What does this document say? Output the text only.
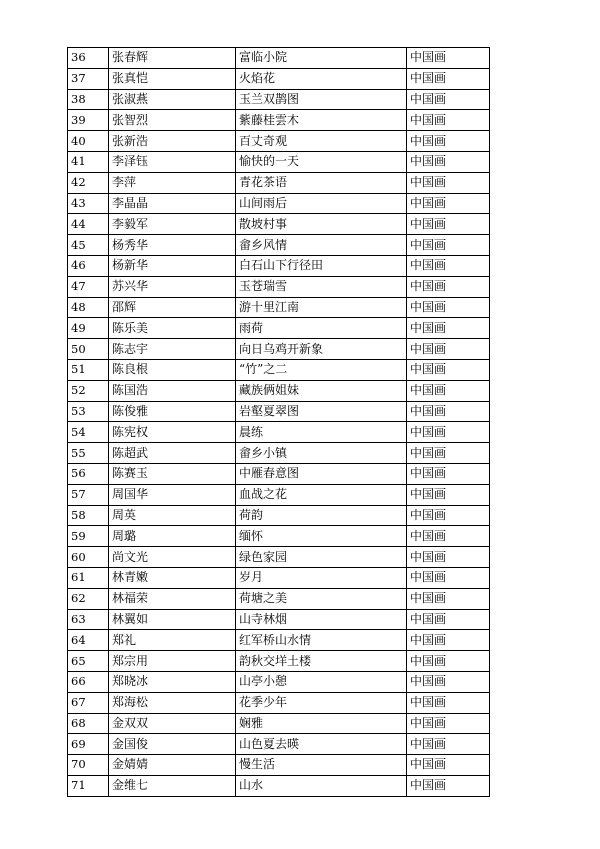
36	张春辉	富临小院	中国画
37	张真恺	火焰花	中国画
38	张淑燕	玉兰双鹊图	中国画
39	张智烈	紫藤桂雲木	中国画
40	张新浩	百丈奇观	中国画
41	李泽钰	愉快的一天	中国画
42	李萍	青花茶语	中国画
43	李晶晶	山间雨后	中国画
44	李毅军	散坡村事	中国画
45	杨秀华	畲乡风情	中国画
46	杨新华	白石山下行径田	中国画
47	苏兴华	玉苍瑞雪	中国画
48	邵辉	游十里江南	中国画
49	陈乐美	雨荷	中国画
50	陈志宇	向日乌鸡开新象	中国画
51	陈良根	“竹”之二	中国画
52	陈国浩	藏族俩姐妹	中国画
53	陈俊雅	岩壑夏翠图	中国画
54	陈宪权	晨练	中国画
55	陈超武	畲乡小镇	中国画
56	陈赛玉	中雁春意图	中国画
57	周国华	血战之花	中国画
58	周英	荷韵	中国画
59	周璐	缅怀	中国画
60	尚文光	绿色家园	中国画
61	林青嫩	岁月	中国画
62	林福荣	荷塘之美	中国画
63	林翼如	山寺林烟	中国画
64	郑礼	红军桥山水情	中国画
65	郑宗用	韵秋交垟土楼	中国画
66	郑晓冰	山亭小憩	中国画
67	郑海松	花季少年	中国画
68	金双双	娴雅	中国画
69	金国俊	山色夏去暎	中国画
70	金婧婧	慢生活	中国画
71	金维七	山水	中国画
